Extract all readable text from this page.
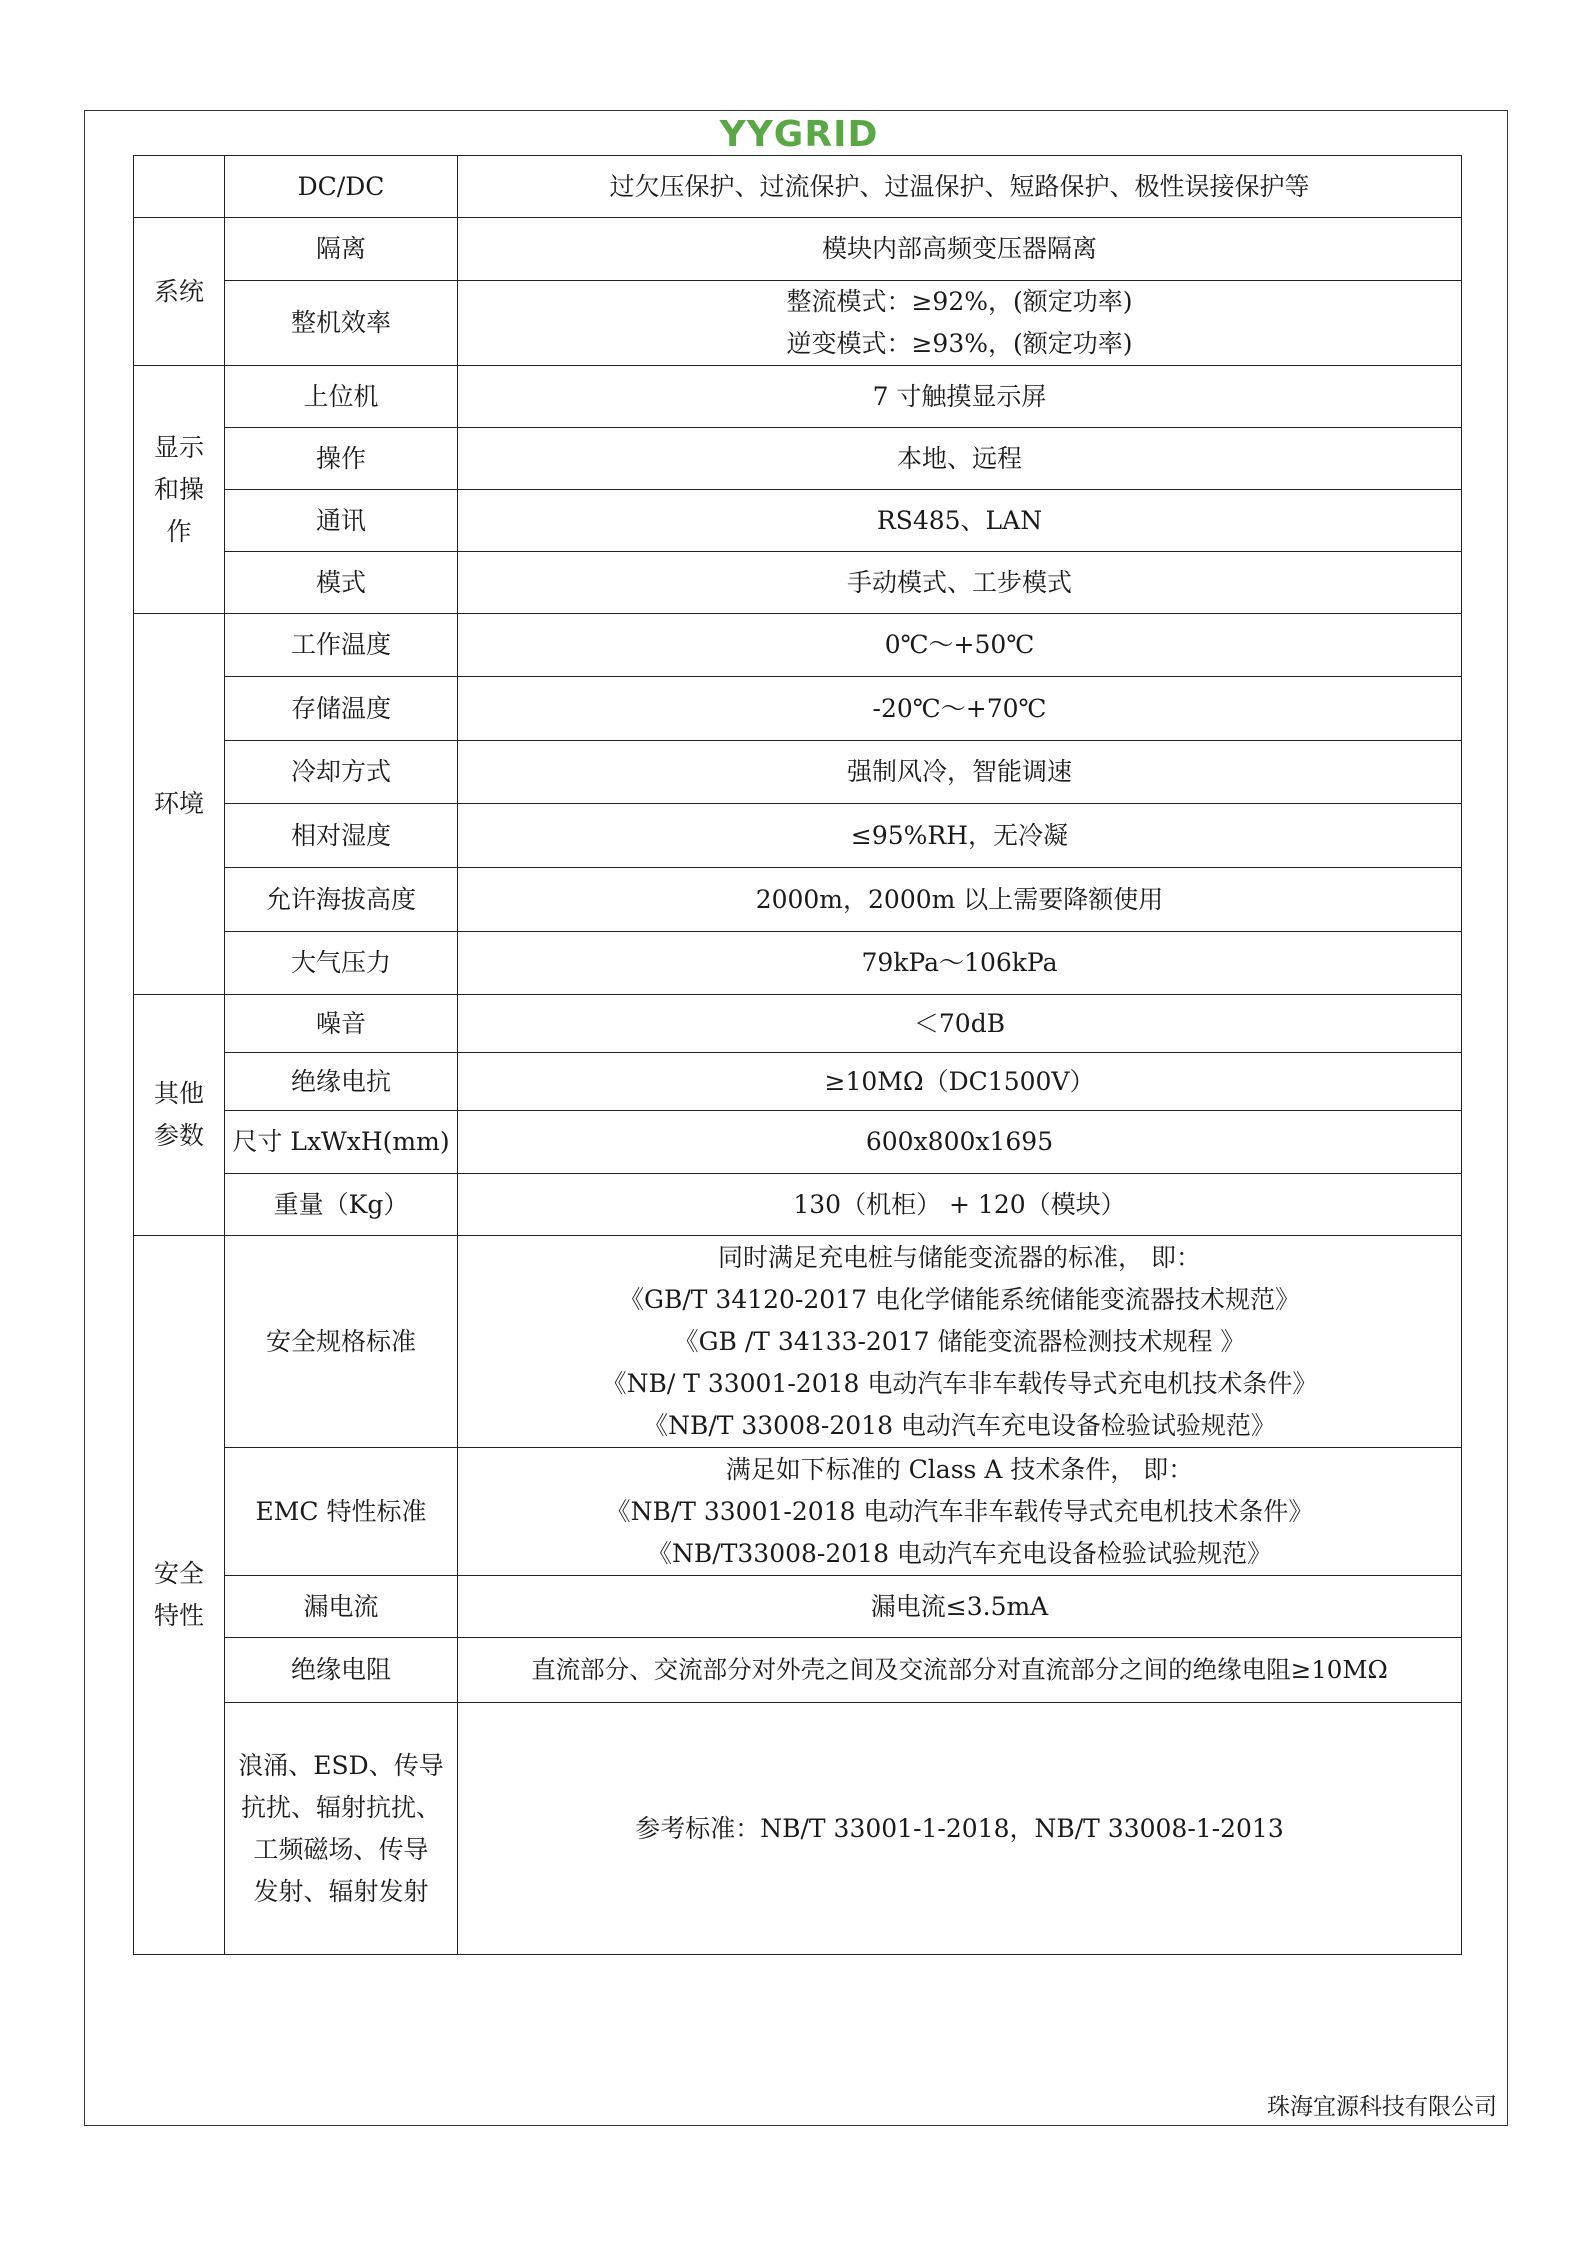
YYGRID
	DC/DC	过欠压保护、过流保护、过温保护、短路保护、极性误接保护等
系统	隔离	模块内部高频变压器隔离
	整机效率	整流模式：≥92%，(额定功率)
逆变模式：≥93%，(额定功率)

显示
和操
作	上位机	7 寸触摸显示屏
	操作	本地、远程
	通讯	RS485、LAN
	模式	手动模式、工步模式
环境	工作温度	0℃～+50℃
	存储温度	-20℃～+70℃
	冷却方式	强制风冷，智能调速
	相对湿度	≤95%RH，无冷凝
	允许海拔高度	2000m，2000m 以上需要降额使用
	大气压力	79kPa～106kPa

其他
参数	噪音	＜70dB
	绝缘电抗	≥10MΩ（DC1500V）
	尺寸 LxWxH(mm)	600x800x1695
	重量（Kg）	130（机柜） + 120（模块）

安全
特性	安全规格标准	同时满足充电桩与储能变流器的标准， 即：
《GB/T 34120-2017 电化学储能系统储能变流器技术规范》
《GB /T 34133-2017 储能变流器检测技术规程 》
《NB/ T 33001-2018 电动汽车非车载传导式充电机技术条件》
《NB/T 33008-2018 电动汽车充电设备检验试验规范》

	EMC 特性标准	满足如下标准的 Class A 技术条件， 即：
《NB/T 33001-2018 电动汽车非车载传导式充电机技术条件》
《NB/T33008-2018 电动汽车充电设备检验试验规范》

	漏电流	漏电流≤3.5mA
	绝缘电阻	直流部分、交流部分对外壳之间及交流部分对直流部分之间的绝缘电阻≥10MΩ

	浪涌、ESD、传导
抗扰、辐射抗扰、
工频磁场、传导
发射、辐射发射	参考标准：NB/T 33001-1-2018，NB/T 33008-1-2013
珠海宜源科技有限公司
